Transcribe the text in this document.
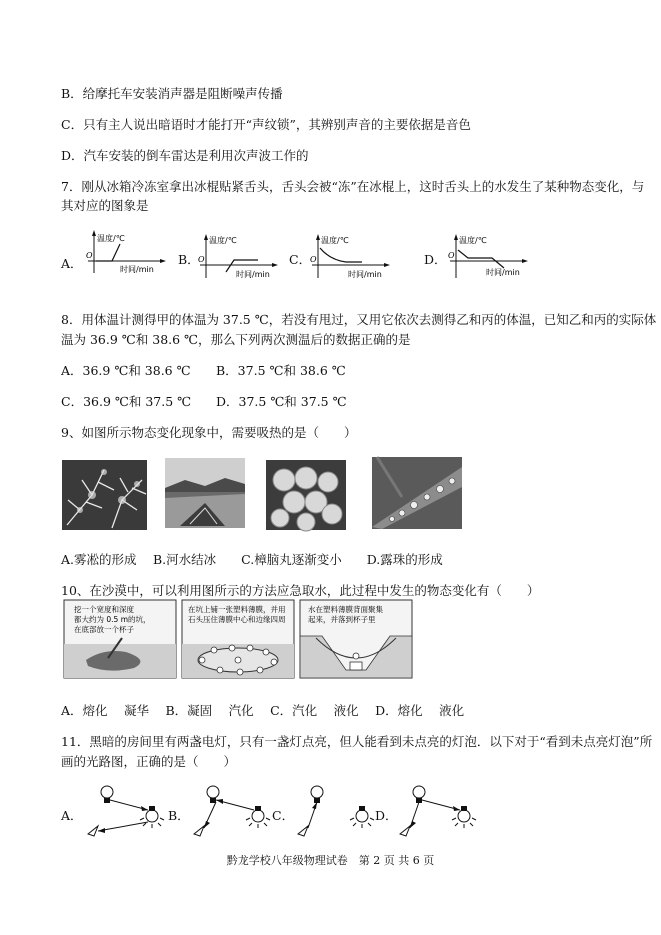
B．给摩托车安装消声器是阻断噪声传播
C．只有主人说出暗语时才能打开“声纹锁”，其辨别声音的主要依据是音色
D．汽车安装的倒车雷达是利用次声波工作的
7．刚从冰箱冷冻室拿出冰棍贴紧舌头，舌头会被“冻”在冰棍上，这时舌头上的水发生了某种物态变化，与
其对应的图象是
A．
温度/℃
时间/min
O	B．
温度/℃
时间/min
O	C．
温度/℃
时间/min
O	D．
温度/℃
时间/min
O
8．用体温计测得甲的体温为 37.5 ℃，若没有甩过，又用它依次去测得乙和丙的体温，已知乙和丙的实际体
温为 36.9 ℃和 38.6 ℃，那么下列两次测温后的数据正确的是
A．36.9 ℃和 38.6 ℃ B．37.5 ℃和 38.6 ℃
C．36.9 ℃和 37.5 ℃ D．37.5 ℃和 37.5 ℃
9、如图所示物态变化现象中，需要吸热的是（　　）
A.雾凇的形成　 B.河水结冰　　C.樟脑丸逐渐变小　　D.露珠的形成
10、在沙漠中，可以利用图所示的方法应急取水，此过程中发生的物态变化有（　　）
挖一个宽度和深度
都大约为 0.5 m的坑，
在底部放一个杯子
在坑上铺一张塑料薄膜，并用
石头压住薄膜中心和边缘四周
水在塑料薄膜背面聚集
起来，并落到杯子里
A．熔化　 凝华　 B．凝固　 汽化　 C．汽化　 液化　 D．熔化　 液化
11．黑暗的房间里有两盏电灯，只有一盏灯点亮，但人能看到未点亮的灯泡．以下对于“看到未点亮灯泡”所
画的光路图，正确的是（　　）
A．	B．	C．	D．
黔龙学校八年级物理试卷　第 2 页 共 6 页
